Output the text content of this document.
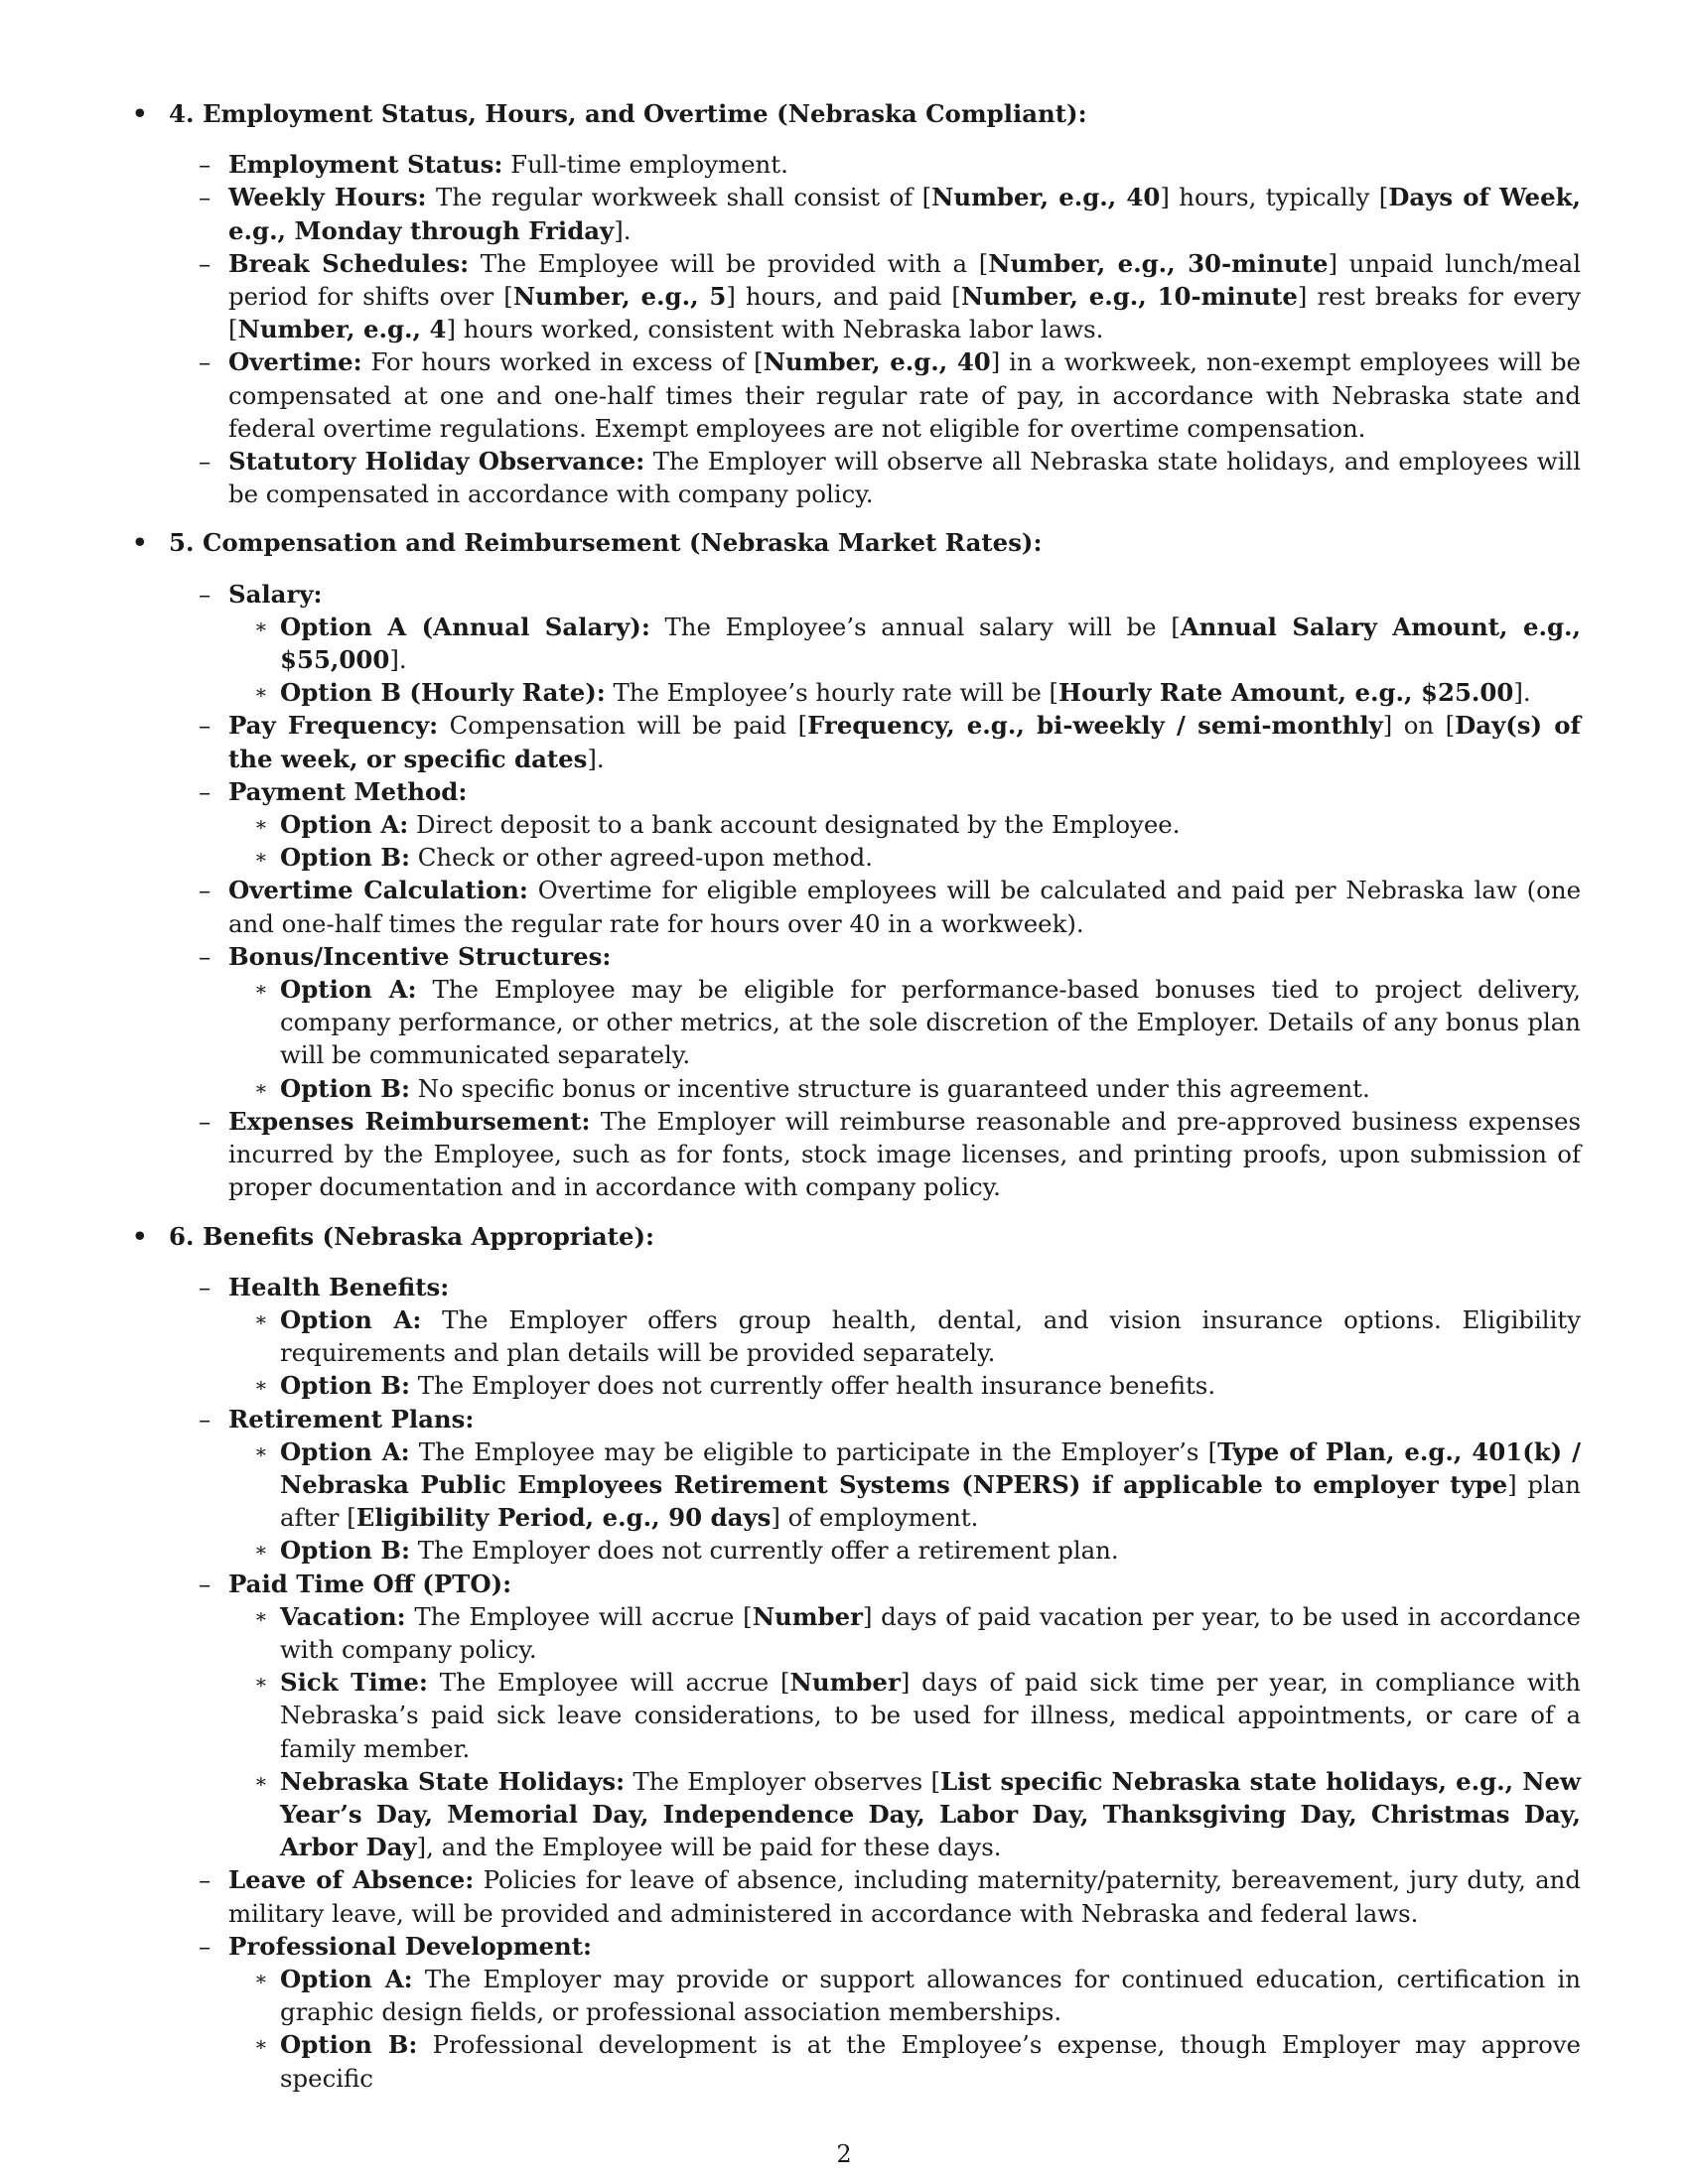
• 4. Employment Status, Hours, and Overtime (Nebraska Compliant):
– Employment Status: Full-time employment.
– Weekly Hours: The regular workweek shall consist of [Number, e.g., 40] hours, typically [Days of Week, e.g., Monday through Friday].
– Break Schedules: The Employee will be provided with a [Number, e.g., 30-minute] unpaid lunch/meal period for shifts over [Number, e.g., 5] hours, and paid [Number, e.g., 10-minute] rest breaks for every [Number, e.g., 4] hours worked, consistent with Nebraska labor laws.
– Overtime: For hours worked in excess of [Number, e.g., 40] in a workweek, non-exempt employees will be compensated at one and one-half times their regular rate of pay, in accordance with Nebraska state and federal overtime regulations. Exempt employees are not eligible for overtime compensation.
– Statutory Holiday Observance: The Employer will observe all Nebraska state holidays, and employees will be compensated in accordance with company policy.
• 5. Compensation and Reimbursement (Nebraska Market Rates):
– Salary:
∗ Option A (Annual Salary): The Employee’s annual salary will be [Annual Salary Amount, e.g., $55,000].
∗ Option B (Hourly Rate): The Employee’s hourly rate will be [Hourly Rate Amount, e.g., $25.00].
– Pay Frequency: Compensation will be paid [Frequency, e.g., bi-weekly / semi-monthly] on [Day(s) of the week, or specific dates].
– Payment Method:
∗ Option A: Direct deposit to a bank account designated by the Employee.
∗ Option B: Check or other agreed-upon method.
– Overtime Calculation: Overtime for eligible employees will be calculated and paid per Nebraska law (one and one-half times the regular rate for hours over 40 in a workweek).
– Bonus/Incentive Structures:
∗ Option A: The Employee may be eligible for performance-based bonuses tied to project delivery, company performance, or other metrics, at the sole discretion of the Employer. Details of any bonus plan will be communicated separately.
∗ Option B: No specific bonus or incentive structure is guaranteed under this agreement.
– Expenses Reimbursement: The Employer will reimburse reasonable and pre-approved business expenses incurred by the Employee, such as for fonts, stock image licenses, and printing proofs, upon submission of proper documentation and in accordance with company policy.
• 6. Benefits (Nebraska Appropriate):
– Health Benefits:
∗ Option A: The Employer offers group health, dental, and vision insurance options. Eligibility requirements and plan details will be provided separately.
∗ Option B: The Employer does not currently offer health insurance benefits.
– Retirement Plans:
∗ Option A: The Employee may be eligible to participate in the Employer’s [Type of Plan, e.g., 401(k) / Nebraska Public Employees Retirement Systems (NPERS) if applicable to employer type] plan after [Eligibility Period, e.g., 90 days] of employment.
∗ Option B: The Employer does not currently offer a retirement plan.
– Paid Time Off (PTO):
∗ Vacation: The Employee will accrue [Number] days of paid vacation per year, to be used in accordance with company policy.
∗ Sick Time: The Employee will accrue [Number] days of paid sick time per year, in compliance with Nebraska’s paid sick leave considerations, to be used for illness, medical appointments, or care of a family member.
∗ Nebraska State Holidays: The Employer observes [List specific Nebraska state holidays, e.g., New Year’s Day, Memorial Day, Independence Day, Labor Day, Thanksgiving Day, Christmas Day, Arbor Day], and the Employee will be paid for these days.
– Leave of Absence: Policies for leave of absence, including maternity/paternity, bereavement, jury duty, and military leave, will be provided and administered in accordance with Nebraska and federal laws.
– Professional Development:
∗ Option A: The Employer may provide or support allowances for continued education, certification in graphic design fields, or professional association memberships.
∗ Option B: Professional development is at the Employee’s expense, though Employer may approve specific
2
